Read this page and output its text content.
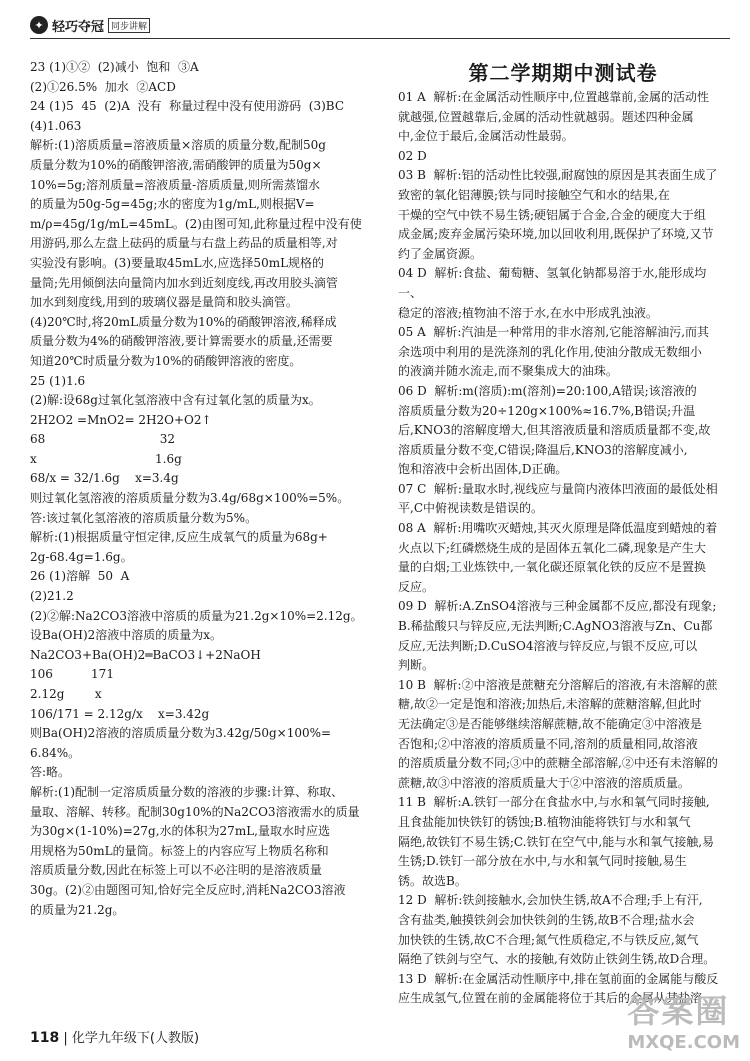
✦ 轻巧夺冠 同步讲解

23 (1)①②  (2)减小  饱和  ③A

(2)①26.5%  加水  ②ACD

24 (1)5  45  (2)A  没有  称量过程中没有使用游码  (3)BC

(4)1.063

解析:(1)溶质质量=溶液质量×溶质的质量分数,配制50g

质量分数为10%的硝酸钾溶液,需硝酸钾的质量为50g×

10%=5g;溶剂质量=溶液质量-溶质质量,则所需蒸馏水

的质量为50g-5g=45g;水的密度为1g/mL,则根据V=

m/ρ=45g/1g/mL=45mL。(2)由图可知,此称量过程中没有使

用游码,那么左盘上砝码的质量与右盘上药品的质量相等,对

实验没有影响。(3)要量取45mL水,应选择50mL规格的

量筒;先用倾倒法向量筒内加水到近刻度线,再改用胶头滴管

加水到刻度线,用到的玻璃仪器是量筒和胶头滴管。

(4)20℃时,将20mL质量分数为10%的硝酸钾溶液,稀释成

质量分数为4%的硝酸钾溶液,要计算需要水的质量,还需要

知道20℃时质量分数为10%的硝酸钾溶液的密度。

25 (1)1.6

(2)解:设68g过氧化氢溶液中含有过氧化氢的质量为x。

2H2O2 =MnO2= 2H2O+O2↑

68                              32

x                               1.6g

68/x = 32/1.6g    x=3.4g

则过氧化氢溶液的溶质质量分数为3.4g/68g×100%=5%。

答:该过氧化氢溶液的溶质质量分数为5%。

解析:(1)根据质量守恒定律,反应生成氧气的质量为68g+

2g-68.4g=1.6g。

26 (1)溶解  50  A

(2)21.2

(2)②解:Na2CO3溶液中溶质的质量为21.2g×10%=2.12g。

设Ba(OH)2溶液中溶质的质量为x。

Na2CO3+Ba(OH)2═BaCO3↓+2NaOH

106          171

2.12g        x

106/171 = 2.12g/x    x=3.42g

则Ba(OH)2溶液的溶质质量分数为3.42g/50g×100%=

6.84%。

答:略。

解析:(1)配制一定溶质质量分数的溶液的步骤:计算、称取、

量取、溶解、转移。配制30g10%的Na2CO3溶液需水的质量

为30g×(1-10%)=27g,水的体积为27mL,量取水时应选

用规格为50mL的量筒。标签上的内容应写上物质名称和

溶质质量分数,因此在标签上可以不必注明的是溶液质量

30g。(2)②由题图可知,恰好完全反应时,消耗Na2CO3溶液

的质量为21.2g。

第二学期期中测试卷

01 A  解析:在金属活动性顺序中,位置越靠前,金属的活动性

就越强,位置越靠后,金属的活动性就越弱。题述四种金属

中,金位于最后,金属活动性最弱。

02 D

03 B  解析:铝的活动性比较强,耐腐蚀的原因是其表面生成了

致密的氧化铝薄膜;铁与同时接触空气和水的结果,在

干燥的空气中铁不易生锈;硬铝属于合金,合金的硬度大于组

成金属;废弃金属污染环境,加以回收利用,既保护了环境,又节

约了金属资源。

04 D  解析:食盐、葡萄糖、氢氧化钠都易溶于水,能形成均一、

稳定的溶液;植物油不溶于水,在水中形成乳浊液。

05 A  解析:汽油是一种常用的非水溶剂,它能溶解油污,而其

余选项中利用的是洗涤剂的乳化作用,使油分散成无数细小

的液滴并随水流走,而不聚集成大的油珠。

06 D  解析:m(溶质):m(溶剂)=20:100,A错误;该溶液的

溶质质量分数为20÷120g×100%≈16.7%,B错误;升温

后,KNO3的溶解度增大,但其溶液质量和溶质质量都不变,故

溶质质量分数不变,C错误;降温后,KNO3的溶解度减小,

饱和溶液中会析出固体,D正确。

07 C  解析:量取水时,视线应与量筒内液体凹液面的最低处相

平,C中俯视读数是错误的。

08 A  解析:用嘴吹灭蜡烛,其灭火原理是降低温度到蜡烛的着

火点以下;红磷燃烧生成的是固体五氧化二磷,现象是产生大

量的白烟;工业炼铁中,一氧化碳还原氧化铁的反应不是置换

反应。

09 D  解析:A.ZnSO4溶液与三种金属都不反应,都没有现象;

B.稀盐酸只与锌反应,无法判断;C.AgNO3溶液与Zn、Cu都

反应,无法判断;D.CuSO4溶液与锌反应,与银不反应,可以

判断。

10 B  解析:②中溶液是蔗糖充分溶解后的溶液,有未溶解的蔗

糖,故②一定是饱和溶液;加热后,未溶解的蔗糖溶解,但此时

无法确定③是否能够继续溶解蔗糖,故不能确定③中溶液是

否饱和;②中溶液的溶质质量不同,溶剂的质量相同,故溶液

的溶质质量分数不同;③中的蔗糖全部溶解,②中还有未溶解的

蔗糖,故③中溶液的溶质质量大于②中溶液的溶质质量。

11 B  解析:A.铁钉一部分在食盐水中,与水和氧气同时接触,

且食盐能加快铁钉的锈蚀;B.植物油能将铁钉与水和氧气

隔绝,故铁钉不易生锈;C.铁钉在空气中,能与水和氧气接触,易

生锈;D.铁钉一部分放在水中,与水和氧气同时接触,易生

锈。故选B。

12 D  解析:铁剑接触水,会加快生锈,故A不合理;手上有汗,

含有盐类,触摸铁剑会加快铁剑的生锈,故B不合理;盐水会

加快铁的生锈,故C不合理;氮气性质稳定,不与铁反应,氮气

隔绝了铁剑与空气、水的接触,有效防止铁剑生锈,故D合理。

13 D  解析:在金属活动性顺序中,排在氢前面的金属能与酸反

应生成氢气,位置在前的金属能将位于其后的金属从其盐溶

118 | 化学九年级下(人教版)
答案圈
MXQE.COM
